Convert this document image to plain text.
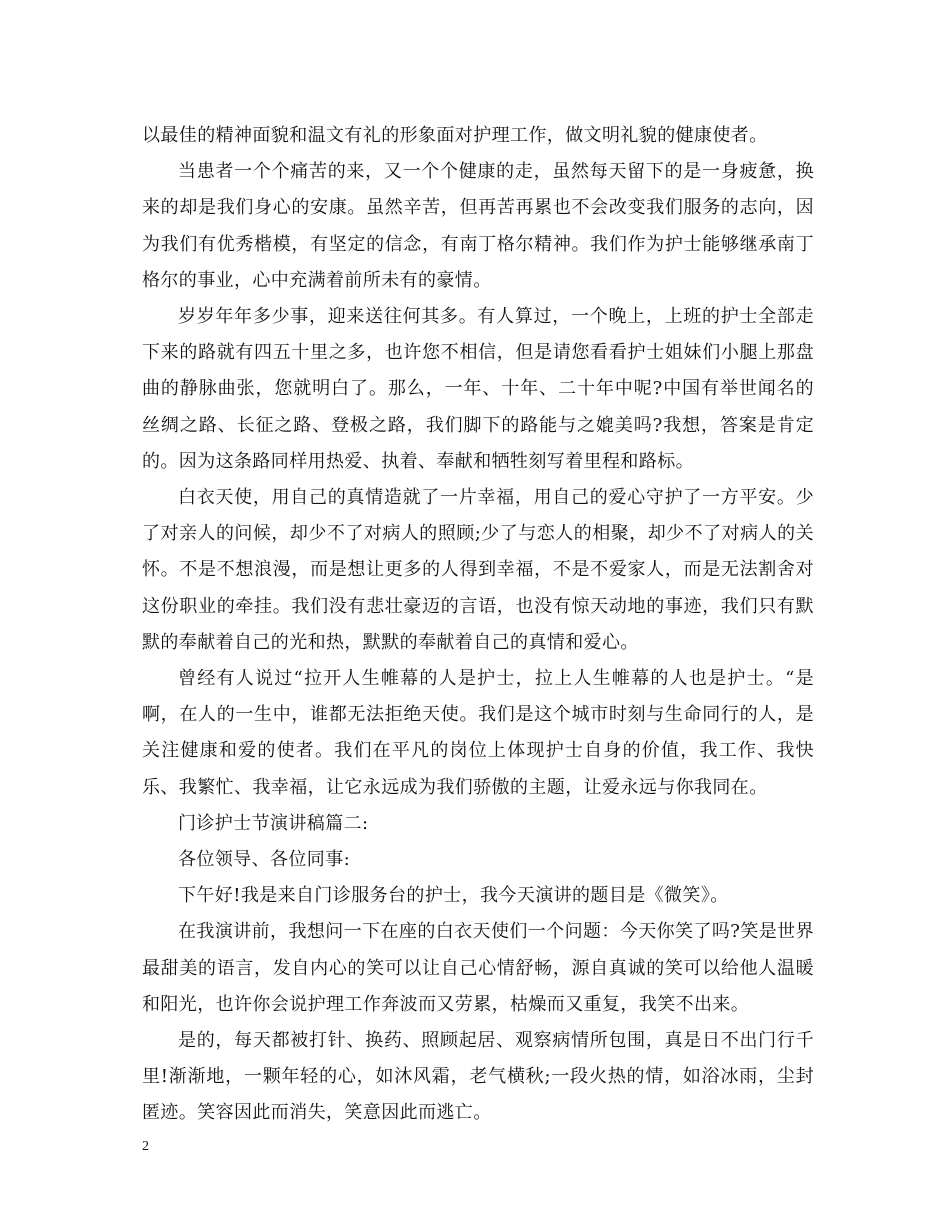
以最佳的精神面貌和温文有礼的形象面对护理工作，做文明礼貌的健康使者。

当患者一个个痛苦的来，又一个个健康的走，虽然每天留下的是一身疲惫，换来的却是我们身心的安康。虽然辛苦，但再苦再累也不会改变我们服务的志向，因为我们有优秀楷模，有坚定的信念，有南丁格尔精神。我们作为护士能够继承南丁格尔的事业，心中充满着前所未有的豪情。

岁岁年年多少事，迎来送往何其多。有人算过，一个晚上，上班的护士全部走下来的路就有四五十里之多，也许您不相信，但是请您看看护士姐妹们小腿上那盘曲的静脉曲张，您就明白了。那么，一年、十年、二十年中呢?中国有举世闻名的丝绸之路、长征之路、登极之路，我们脚下的路能与之媲美吗?我想，答案是肯定的。因为这条路同样用热爱、执着、奉献和牺牲刻写着里程和路标。

白衣天使，用自己的真情造就了一片幸福，用自己的爱心守护了一方平安。少了对亲人的问候，却少不了对病人的照顾;少了与恋人的相聚，却少不了对病人的关怀。不是不想浪漫，而是想让更多的人得到幸福，不是不爱家人，而是无法割舍对这份职业的牵挂。我们没有悲壮豪迈的言语，也没有惊天动地的事迹，我们只有默默的奉献着自己的光和热，默默的奉献着自己的真情和爱心。

曾经有人说过“拉开人生帷幕的人是护士，拉上人生帷幕的人也是护士。“是啊，在人的一生中，谁都无法拒绝天使。我们是这个城市时刻与生命同行的人，是关注健康和爱的使者。我们在平凡的岗位上体现护士自身的价值，我工作、我快乐、我繁忙、我幸福，让它永远成为我们骄傲的主题，让爱永远与你我同在。

门诊护士节演讲稿篇二:

各位领导、各位同事:

下午好!我是来自门诊服务台的护士，我今天演讲的题目是《微笑》。

在我演讲前，我想问一下在座的白衣天使们一个问题：今天你笑了吗?笑是世界最甜美的语言，发自内心的笑可以让自己心情舒畅，源自真诚的笑可以给他人温暖和阳光，也许你会说护理工作奔波而又劳累，枯燥而又重复，我笑不出来。

是的，每天都被打针、换药、照顾起居、观察病情所包围，真是日不出门行千里!渐渐地，一颗年轻的心，如沐风霜，老气横秋;一段火热的情，如浴冰雨，尘封匿迹。笑容因此而消失，笑意因此而逃亡。

2
